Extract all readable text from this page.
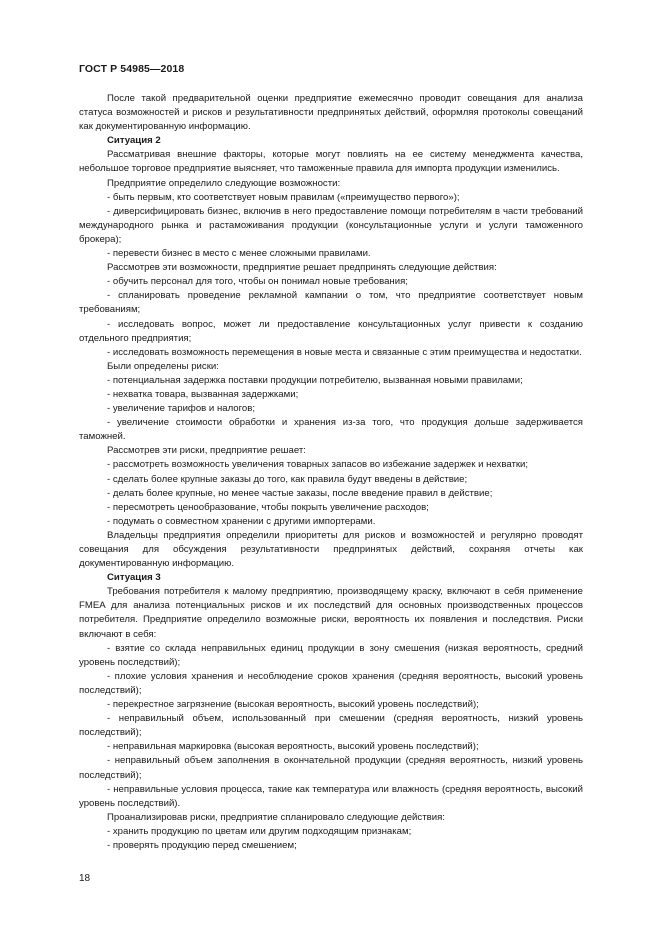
ГОСТ Р 54985—2018

После такой предварительной оценки предприятие ежемесячно проводит совещания для анализа статуса возможностей и рисков и результативности предпринятых действий, оформляя протоколы совещаний как документированную информацию.

Ситуация 2

Рассматривая внешние факторы, которые могут повлиять на ее систему менеджмента качества, небольшое торговое предприятие выясняет, что таможенные правила для импорта продукции изменились.

Предприятие определило следующие возможности:

- быть первым, кто соответствует новым правилам («преимущество первого»);

- диверсифицировать бизнес, включив в него предоставление помощи потребителям в части требований международного рынка и растаможивания продукции (консультационные услуги и услуги таможенного брокера);

- перевести бизнес в место с менее сложными правилами.

Рассмотрев эти возможности, предприятие решает предпринять следующие действия:

- обучить персонал для того, чтобы он понимал новые требования;

- спланировать проведение рекламной кампании о том, что предприятие соответствует новым требованиям;

- исследовать вопрос, может ли предоставление консультационных услуг привести к созданию отдельного предприятия;

- исследовать возможность перемещения в новые места и связанные с этим преимущества и недостатки.

Были определены риски:

- потенциальная задержка поставки продукции потребителю, вызванная новыми правилами;

- нехватка товара, вызванная задержками;

- увеличение тарифов и налогов;

- увеличение стоимости обработки и хранения из-за того, что продукция дольше задерживается таможней.

Рассмотрев эти риски, предприятие решает:

- рассмотреть возможность увеличения товарных запасов во избежание задержек и нехватки;

- сделать более крупные заказы до того, как правила будут введены в действие;

- делать более крупные, но менее частые заказы, после введение правил в действие;

- пересмотреть ценообразование, чтобы покрыть увеличение расходов;

- подумать о совместном хранении с другими импортерами.

Владельцы предприятия определили приоритеты для рисков и возможностей и регулярно проводят совещания для обсуждения результативности предпринятых действий, сохраняя отчеты как документированную информацию.

Ситуация 3

Требования потребителя к малому предприятию, производящему краску, включают в себя применение FMEA для анализа потенциальных рисков и их последствий для основных производственных процессов потребителя. Предприятие определило возможные риски, вероятность их появления и последствия. Риски включают в себя:

- взятие со склада неправильных единиц продукции в зону смешения (низкая вероятность, средний уровень последствий);

- плохие условия хранения и несоблюдение сроков хранения (средняя вероятность, высокий уровень последствий);

- перекрестное загрязнение (высокая вероятность, высокий уровень последствий);

- неправильный объем, использованный при смешении (средняя вероятность, низкий уровень последствий);

- неправильная маркировка (высокая вероятность, высокий уровень последствий);

- неправильный объем заполнения в окончательной продукции (средняя вероятность, низкий уровень последствий);

- неправильные условия процесса, такие как температура или влажность (средняя вероятность, высокий уровень последствий).

Проанализировав риски, предприятие спланировало следующие действия:

- хранить продукцию по цветам или другим подходящим признакам;

- проверять продукцию перед смешением;

18
